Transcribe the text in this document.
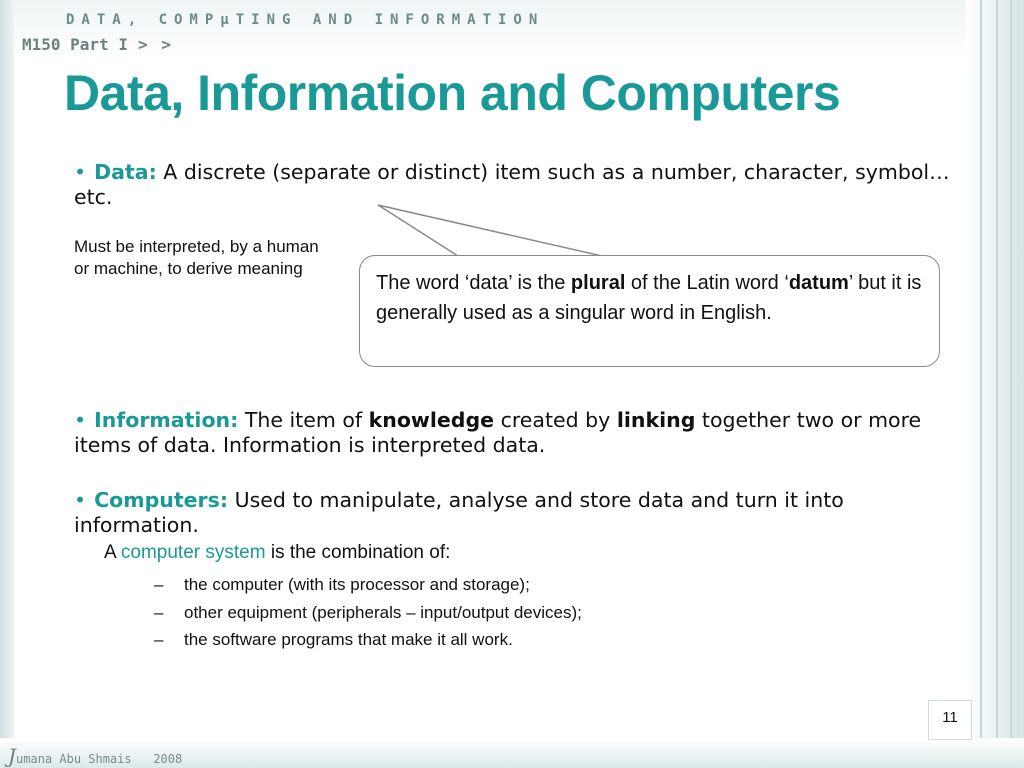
DATA, COMPμTING AND INFORMATION
M150 Part I > >
Data, Information and Computers
• Data: A discrete (separate or distinct) item such as a number, character, symbol…etc.
Must be interpreted, by a human or machine, to derive meaning
The word ‘data’ is the plural of the Latin word ‘datum’ but it is generally used as a singular word in English.
• Information: The item of knowledge created by linking together two or more items of data. Information is interpreted data.
• Computers: Used to manipulate, analyse and store data and turn it into information.
A computer system is the combination of:
– the computer (with its processor and storage);
– other equipment (peripherals – input/output devices);
– the software programs that make it all work.
11
Jumana Abu Shmais 2008
